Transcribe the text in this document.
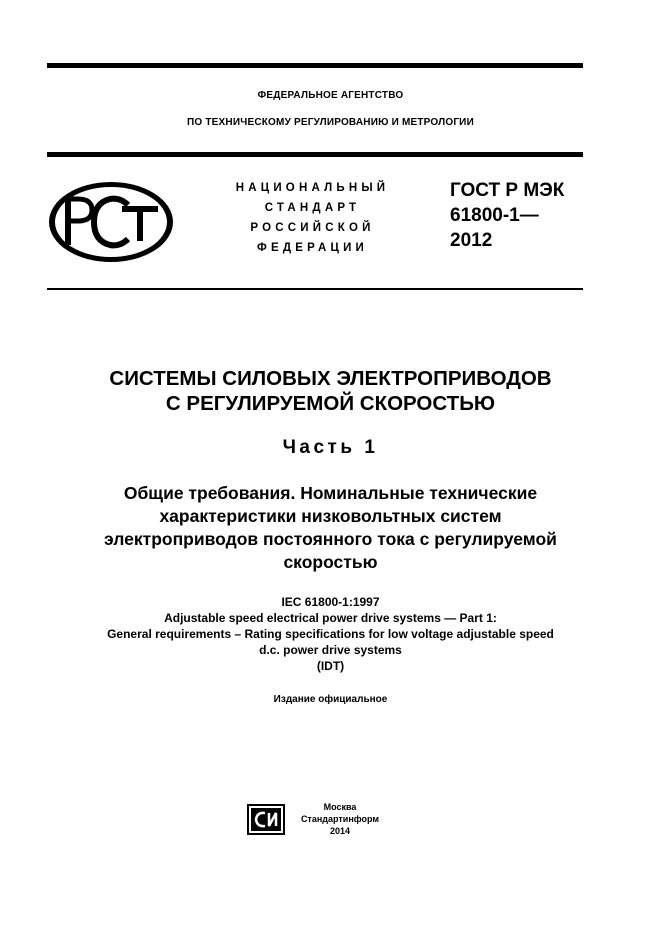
ФЕДЕРАЛЬНОЕ АГЕНТСТВО
ПО ТЕХНИЧЕСКОМУ РЕГУЛИРОВАНИЮ И МЕТРОЛОГИИ
НАЦИОНАЛЬНЫЙ
СТАНДАРТ
РОССИЙСКОЙ
ФЕДЕРАЦИИ
ГОСТ Р МЭК
61800-1—
2012
СИСТЕМЫ СИЛОВЫХ ЭЛЕКТРОПРИВОДОВ
С РЕГУЛИРУЕМОЙ СКОРОСТЬЮ
Часть 1
Общие требования. Номинальные технические
характеристики низковольтных систем
электроприводов постоянного тока с регулируемой
скоростью
IEC 61800-1:1997
Adjustable speed electrical power drive systems — Part 1:
General requirements – Rating specifications for low voltage adjustable speed
d.c. power drive systems
(IDT)
Издание официальное
Москва
Стандартинформ
2014
